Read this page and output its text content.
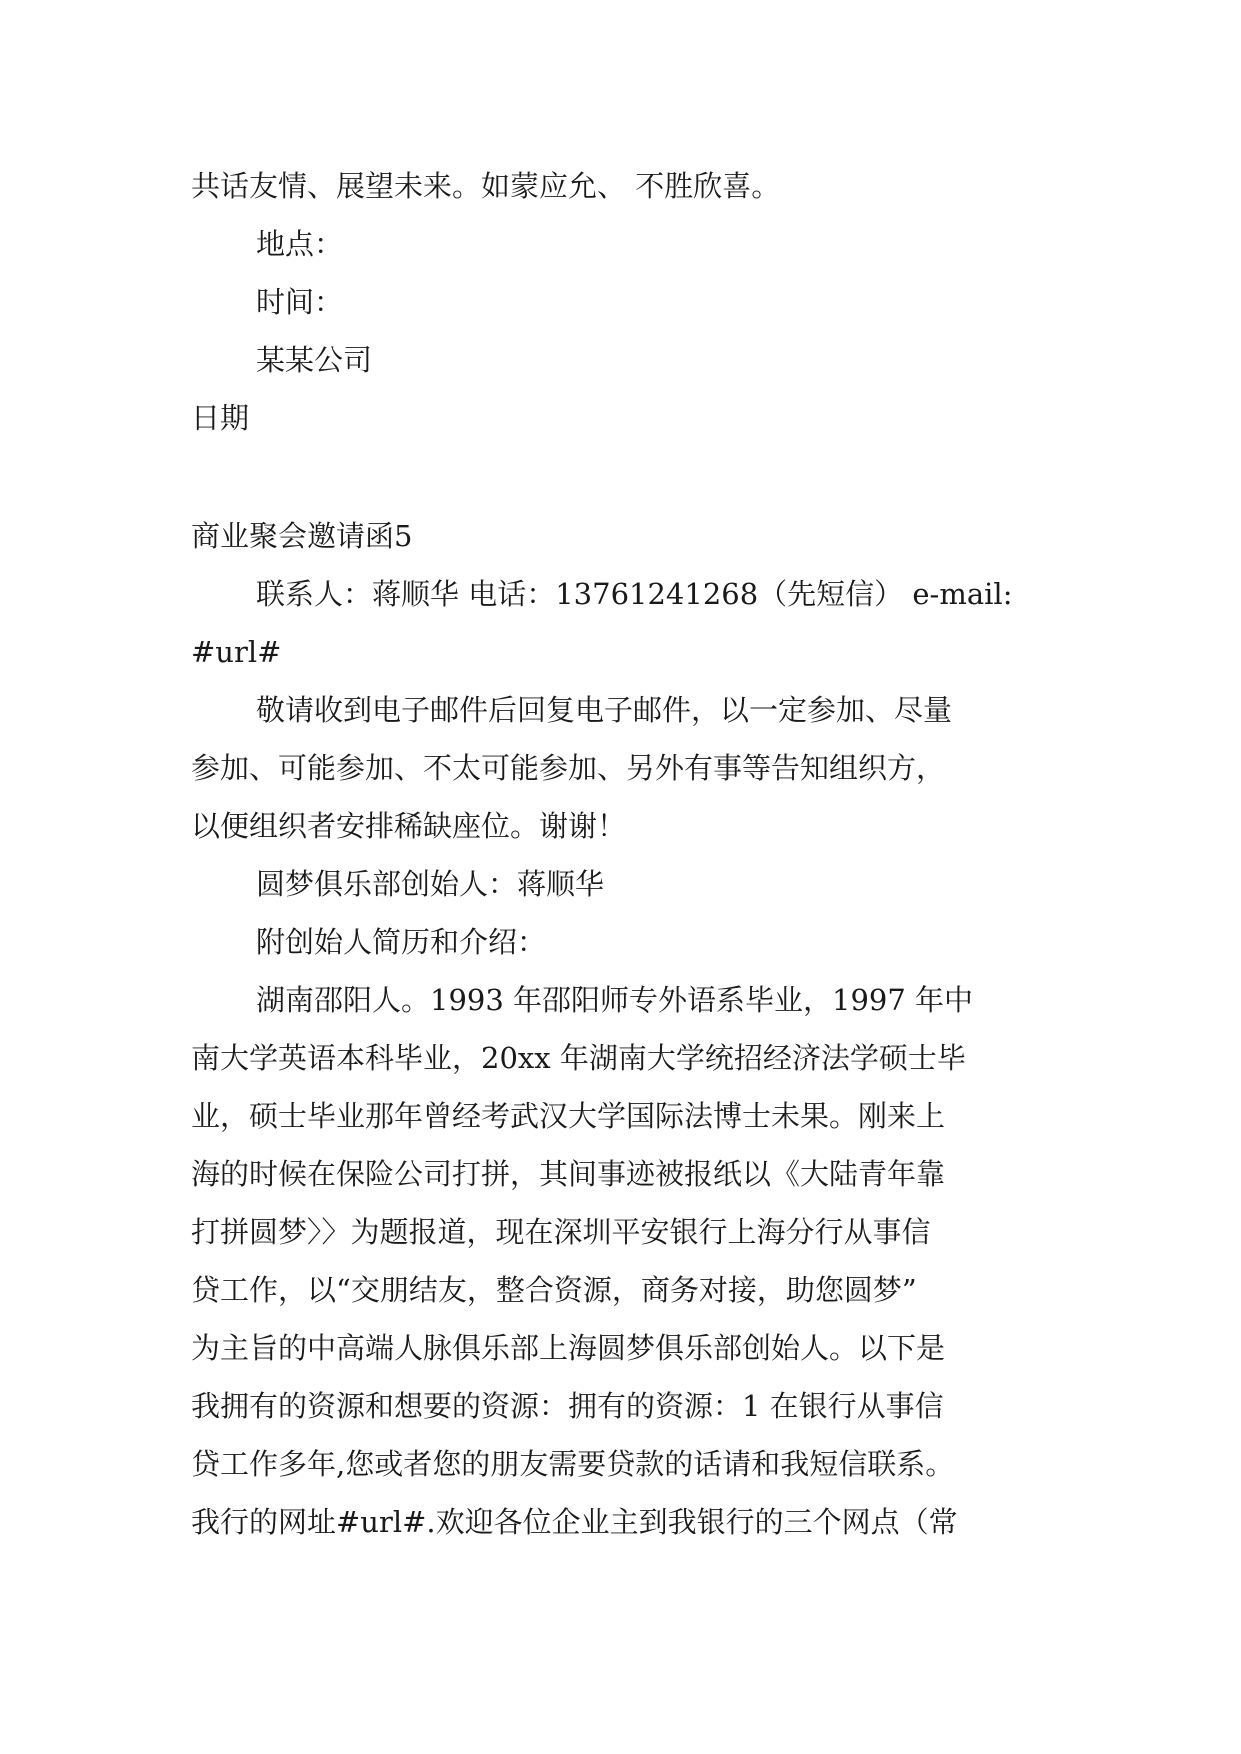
共话友情、展望未来。如蒙应允、 不胜欣喜。
地点：
时间：
某某公司
日期
商业聚会邀请函5
联系人：蒋顺华 电话：13761241268（先短信） e-mail:
#url#
敬请收到电子邮件后回复电子邮件，以一定参加、尽量
参加、可能参加、不太可能参加、另外有事等告知组织方，
以便组织者安排稀缺座位。谢谢！
圆梦俱乐部创始人：蒋顺华
附创始人简历和介绍：
湖南邵阳人。1993 年邵阳师专外语系毕业，1997 年中
南大学英语本科毕业，20xx 年湖南大学统招经济法学硕士毕
业，硕士毕业那年曾经考武汉大学国际法博士未果。刚来上
海的时候在保险公司打拼，其间事迹被报纸以《大陆青年靠
打拼圆梦〉〉为题报道，现在深圳平安银行上海分行从事信
贷工作，以“交朋结友，整合资源，商务对接，助您圆梦”
为主旨的中高端人脉俱乐部上海圆梦俱乐部创始人。以下是
我拥有的资源和想要的资源：拥有的资源：1 在银行从事信
贷工作多年,您或者您的朋友需要贷款的话请和我短信联系。
我行的网址#url#.欢迎各位企业主到我银行的三个网点（常
